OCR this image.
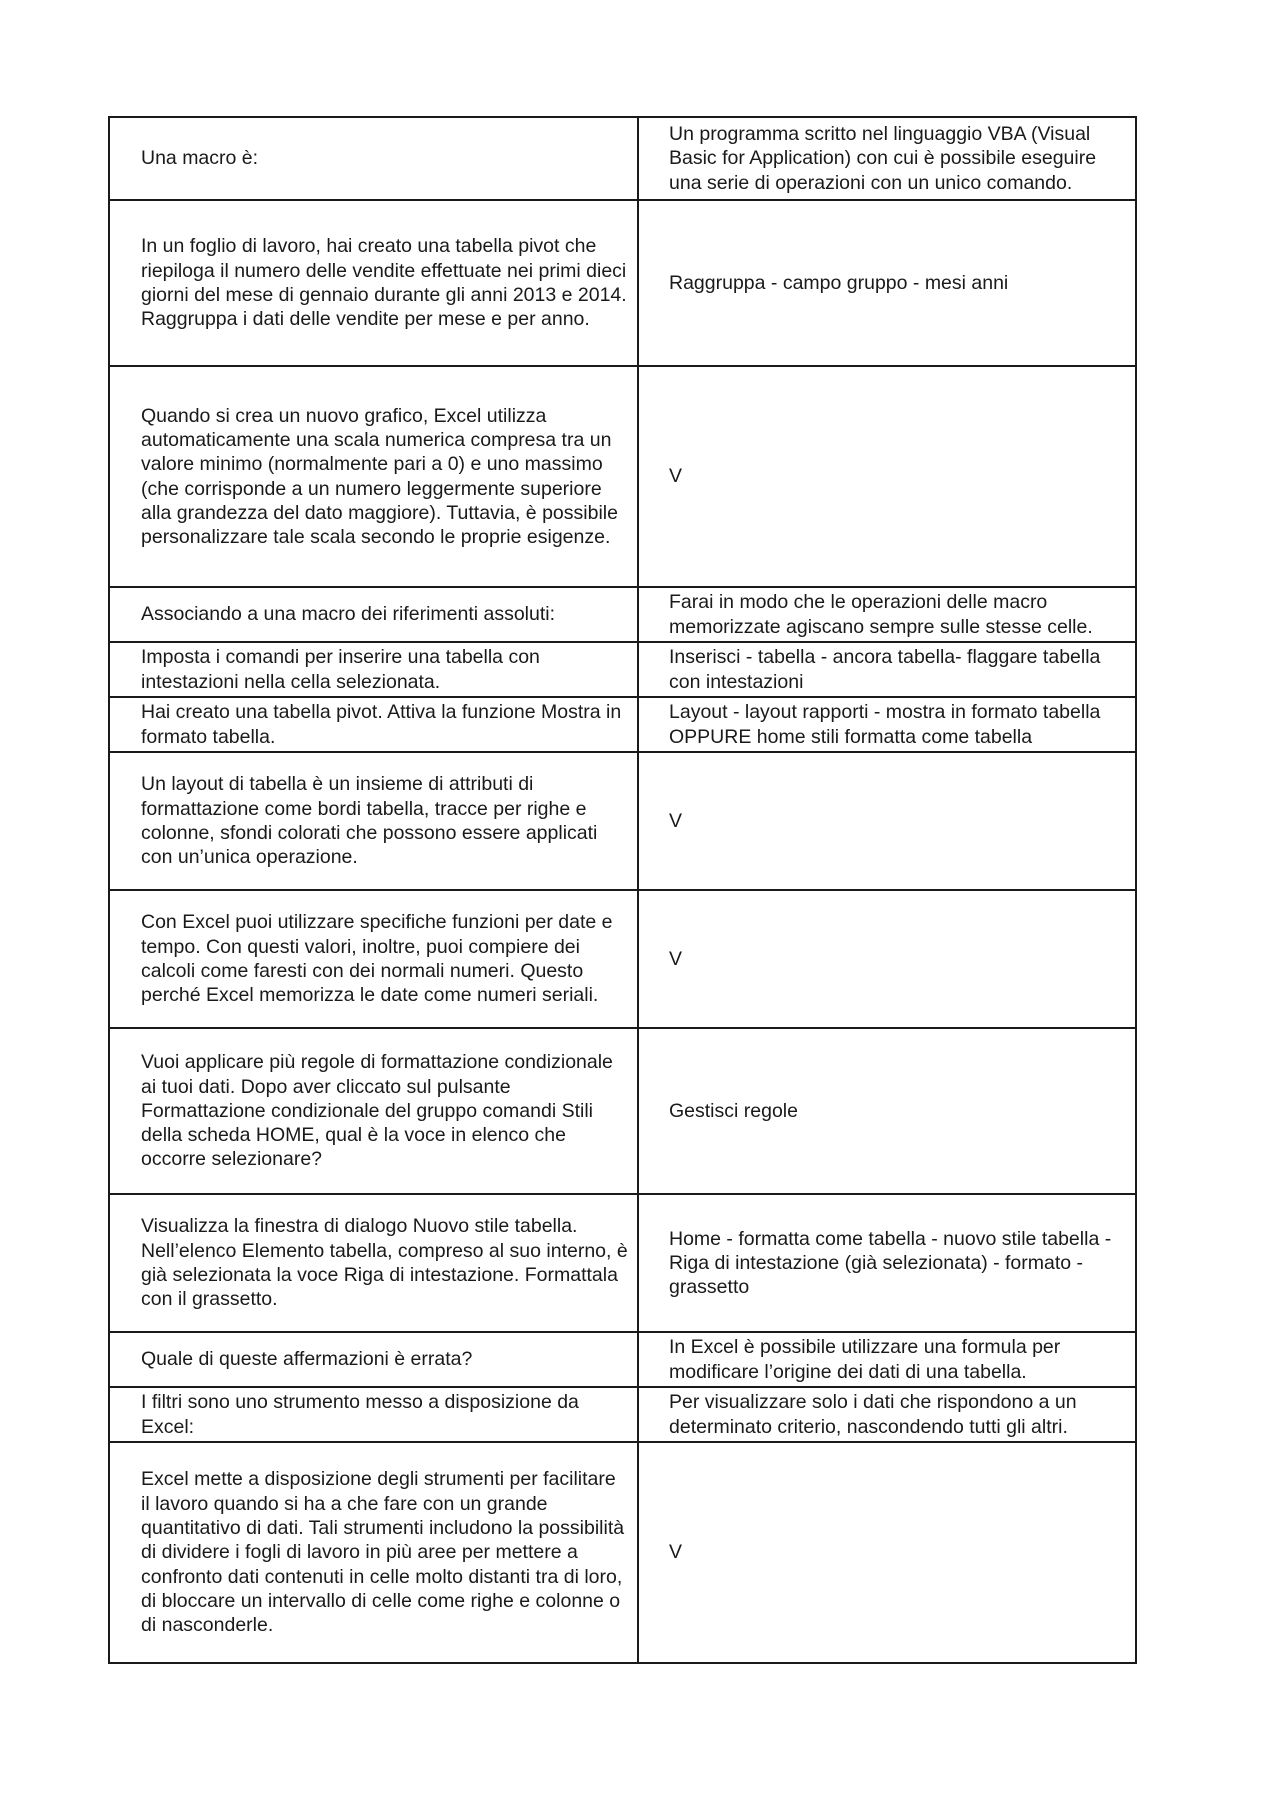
Una macro è:	Un programma scritto nel linguaggio VBA (Visual Basic for Application) con cui è possibile eseguire una serie di operazioni con un unico comando.
In un foglio di lavoro, hai creato una tabella pivot che riepiloga il numero delle vendite effettuate nei primi dieci giorni del mese di gennaio durante gli anni 2013 e 2014. Raggruppa i dati delle vendite per mese e per anno.	Raggruppa - campo gruppo - mesi anni
Quando si crea un nuovo grafico, Excel utilizza automaticamente una scala numerica compresa tra un valore minimo (normalmente pari a 0) e uno massimo (che corrisponde a un numero leggermente superiore alla grandezza del dato maggiore). Tuttavia, è possibile personalizzare tale scala secondo le proprie esigenze.	V
Associando a una macro dei riferimenti assoluti:	Farai in modo che le operazioni delle macro memorizzate agiscano sempre sulle stesse celle.
Imposta i comandi per inserire una tabella con intestazioni nella cella selezionata.	Inserisci - tabella - ancora tabella- flaggare tabella con intestazioni
Hai creato una tabella pivot. Attiva la funzione Mostra in formato tabella.	Layout - layout rapporti - mostra in formato tabella OPPURE home stili formatta come tabella
Un layout di tabella è un insieme di attributi di formattazione come bordi tabella, tracce per righe e colonne, sfondi colorati che possono essere applicati con un’unica operazione.	V
Con Excel puoi utilizzare specifiche funzioni per date e tempo. Con questi valori, inoltre, puoi compiere dei calcoli come faresti con dei normali numeri. Questo perché Excel memorizza le date come numeri seriali.	V
Vuoi applicare più regole di formattazione condizionale ai tuoi dati. Dopo aver cliccato sul pulsante Formattazione condizionale del gruppo comandi Stili della scheda HOME, qual è la voce in elenco che occorre selezionare?	Gestisci regole
Visualizza la finestra di dialogo Nuovo stile tabella. Nell’elenco Elemento tabella, compreso al suo interno, è già selezionata la voce Riga di intestazione. Formattala con il grassetto.	Home - formatta come tabella - nuovo stile tabella - Riga di intestazione (già selezionata) - formato - grassetto
Quale di queste affermazioni è errata?	In Excel è possibile utilizzare una formula per modificare l’origine dei dati di una tabella.
I filtri sono uno strumento messo a disposizione da Excel:	Per visualizzare solo i dati che rispondono a un determinato criterio, nascondendo tutti gli altri.
Excel mette a disposizione degli strumenti per facilitare il lavoro quando si ha a che fare con un grande quantitativo di dati. Tali strumenti includono la possibilità di dividere i fogli di lavoro in più aree per mettere a confronto dati contenuti in celle molto distanti tra di loro, di bloccare un intervallo di celle come righe e colonne o di nasconderle.	V
